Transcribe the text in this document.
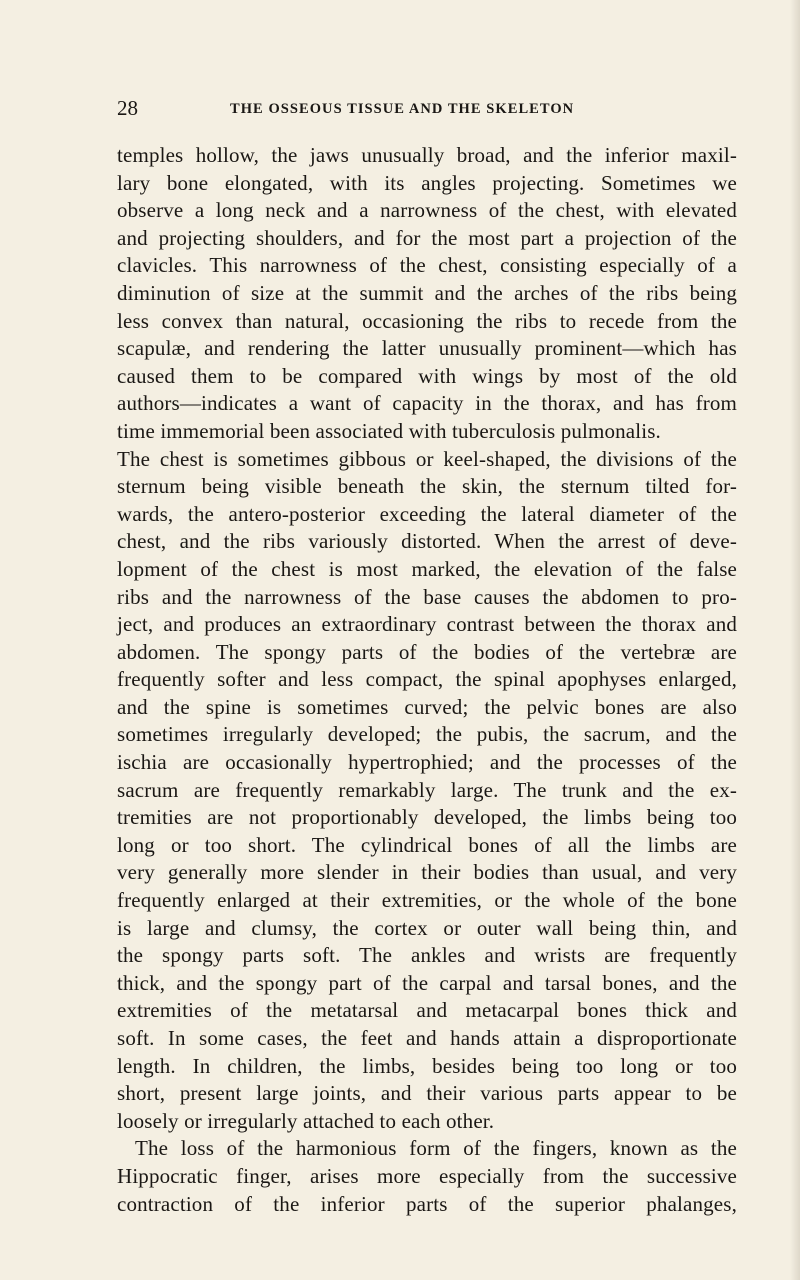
28	THE OSSEOUS TISSUE AND THE SKELETON
temples hollow, the jaws unusually broad, and the inferior maxil-
lary bone elongated, with its angles projecting. Sometimes we
observe a long neck and a narrowness of the chest, with elevated
and projecting shoulders, and for the most part a projection of the
clavicles. This narrowness of the chest, consisting especially of a
diminution of size at the summit and the arches of the ribs being
less convex than natural, occasioning the ribs to recede from the
scapulæ, and rendering the latter unusually prominent—which has
caused them to be compared with wings by most of the old
authors—indicates a want of capacity in the thorax, and has from
time immemorial been associated with tuberculosis pulmonalis.
The chest is sometimes gibbous or keel-shaped, the divisions of the
sternum being visible beneath the skin, the sternum tilted for-
wards, the antero-posterior exceeding the lateral diameter of the
chest, and the ribs variously distorted. When the arrest of deve-
lopment of the chest is most marked, the elevation of the false
ribs and the narrowness of the base causes the abdomen to pro-
ject, and produces an extraordinary contrast between the thorax and
abdomen. The spongy parts of the bodies of the vertebræ are
frequently softer and less compact, the spinal apophyses enlarged,
and the spine is sometimes curved; the pelvic bones are also
sometimes irregularly developed; the pubis, the sacrum, and the
ischia are occasionally hypertrophied; and the processes of the
sacrum are frequently remarkably large. The trunk and the ex-
tremities are not proportionably developed, the limbs being too
long or too short. The cylindrical bones of all the limbs are
very generally more slender in their bodies than usual, and very
frequently enlarged at their extremities, or the whole of the bone
is large and clumsy, the cortex or outer wall being thin, and
the spongy parts soft. The ankles and wrists are frequently
thick, and the spongy part of the carpal and tarsal bones, and the
extremities of the metatarsal and metacarpal bones thick and
soft. In some cases, the feet and hands attain a disproportionate
length. In children, the limbs, besides being too long or too
short, present large joints, and their various parts appear to be
loosely or irregularly attached to each other.
The loss of the harmonious form of the fingers, known as the
Hippocratic finger, arises more especially from the successive
contraction of the inferior parts of the superior phalanges,
